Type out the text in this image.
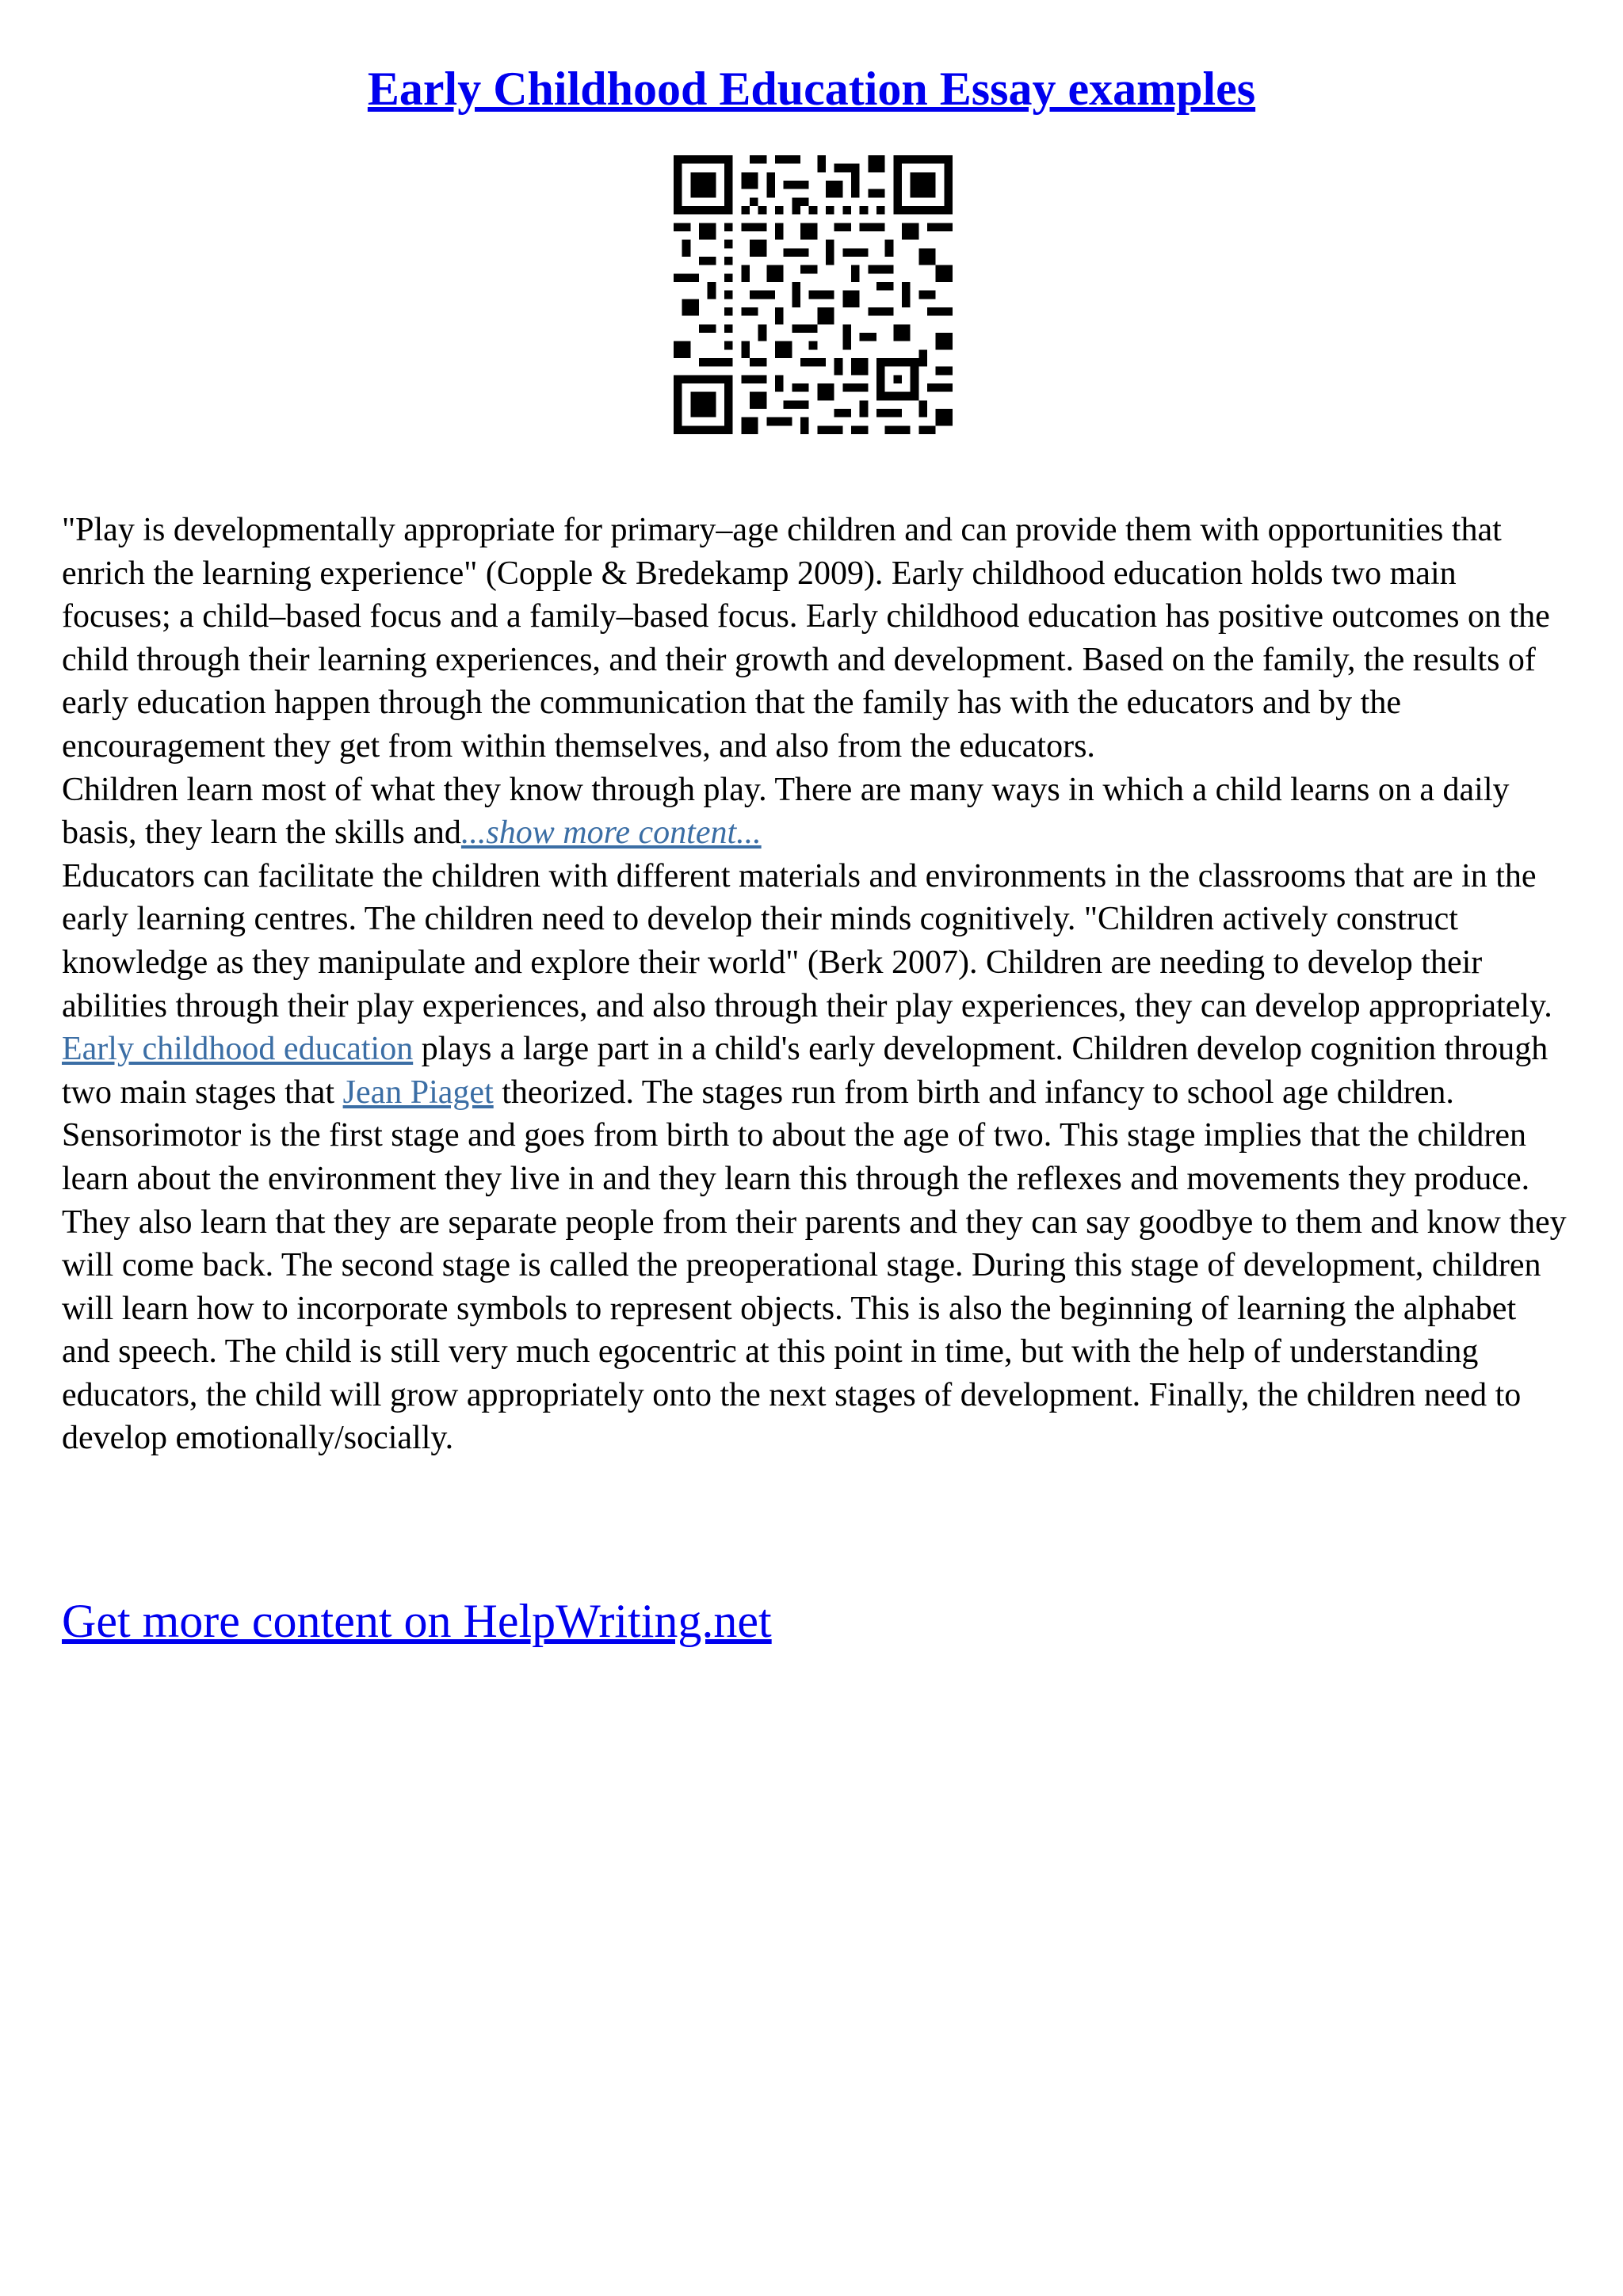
Early Childhood Education Essay examples

"Play is developmentally appropriate for primary–age children and can provide them with opportunities that enrich the learning experience" (Copple & Bredekamp 2009). Early childhood education holds two main focuses; a child–based focus and a family–based focus. Early childhood education has positive outcomes on the child through their learning experiences, and their growth and development. Based on the family, the results of early education happen through the communication that the family has with the educators and by the encouragement they get from within themselves, and also from the educators.

Children learn most of what they know through play. There are many ways in which a child learns on a daily basis, they learn the skills and...show more content...

Educators can facilitate the children with different materials and environments in the classrooms that are in the early learning centres. The children need to develop their minds cognitively. "Children actively construct knowledge as they manipulate and explore their world" (Berk 2007). Children are needing to develop their abilities through their play experiences, and also through their play experiences, they can develop appropriately. Early childhood education plays a large part in a child's early development. Children develop cognition through two main stages that Jean Piaget theorized. The stages run from birth and infancy to school age children. Sensorimotor is the first stage and goes from birth to about the age of two. This stage implies that the children learn about the environment they live in and they learn this through the reflexes and movements they produce. They also learn that they are separate people from their parents and they can say goodbye to them and know they will come back. The second stage is called the preoperational stage. During this stage of development, children will learn how to incorporate symbols to represent objects. This is also the beginning of learning the alphabet and speech. The child is still very much egocentric at this point in time, but with the help of understanding educators, the child will grow appropriately onto the next stages of development. Finally, the children need to develop emotionally/socially.

Get more content on HelpWriting.net
